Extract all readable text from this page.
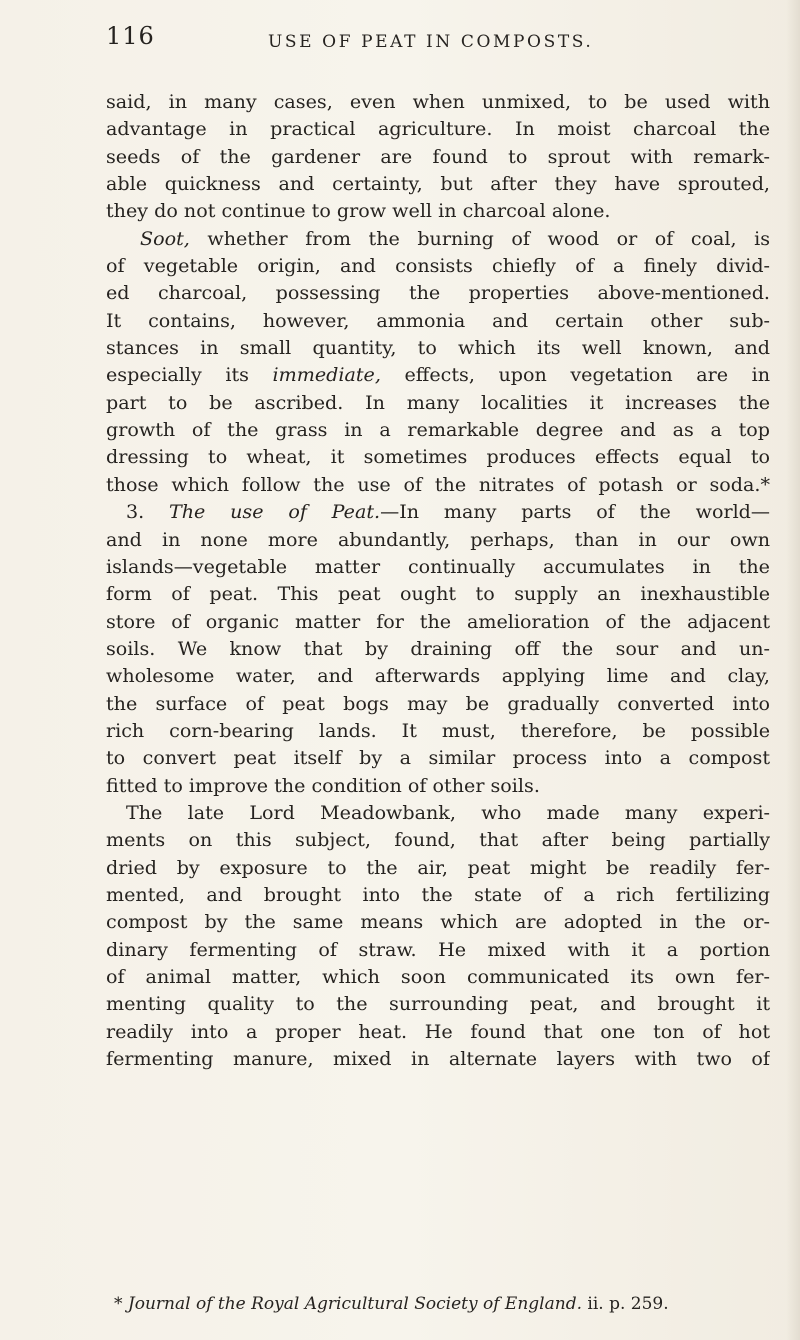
116	USE OF PEAT IN COMPOSTS.
said, in many cases, even when unmixed, to be used with
advantage in practical agriculture. In moist charcoal the
seeds of the gardener are found to sprout with remark-
able quickness and certainty, but after they have sprouted,
they do not continue to grow well in charcoal alone.
Soot, whether from the burning of wood or of coal, is
of vegetable origin, and consists chiefly of a finely divid-
ed charcoal, possessing the properties above-mentioned.
It contains, however, ammonia and certain other sub-
stances in small quantity, to which its well known, and
especially its immediate, effects, upon vegetation are in
part to be ascribed. In many localities it increases the
growth of the grass in a remarkable degree and as a top
dressing to wheat, it sometimes produces effects equal to
those which follow the use of the nitrates of potash or soda.*
3. The use of Peat.—In many parts of the world—
and in none more abundantly, perhaps, than in our own
islands—vegetable matter continually accumulates in the
form of peat. This peat ought to supply an inexhaustible
store of organic matter for the amelioration of the adjacent
soils. We know that by draining off the sour and un-
wholesome water, and afterwards applying lime and clay,
the surface of peat bogs may be gradually converted into
rich corn-bearing lands. It must, therefore, be possible
to convert peat itself by a similar process into a compost
fitted to improve the condition of other soils.
The late Lord Meadowbank, who made many experi-
ments on this subject, found, that after being partially
dried by exposure to the air, peat might be readily fer-
mented, and brought into the state of a rich fertilizing
compost by the same means which are adopted in the or-
dinary fermenting of straw. He mixed with it a portion
of animal matter, which soon communicated its own fer-
menting quality to the surrounding peat, and brought it
readily into a proper heat. He found that one ton of hot
fermenting manure, mixed in alternate layers with two of
* Journal of the Royal Agricultural Society of England. ii. p. 259.
